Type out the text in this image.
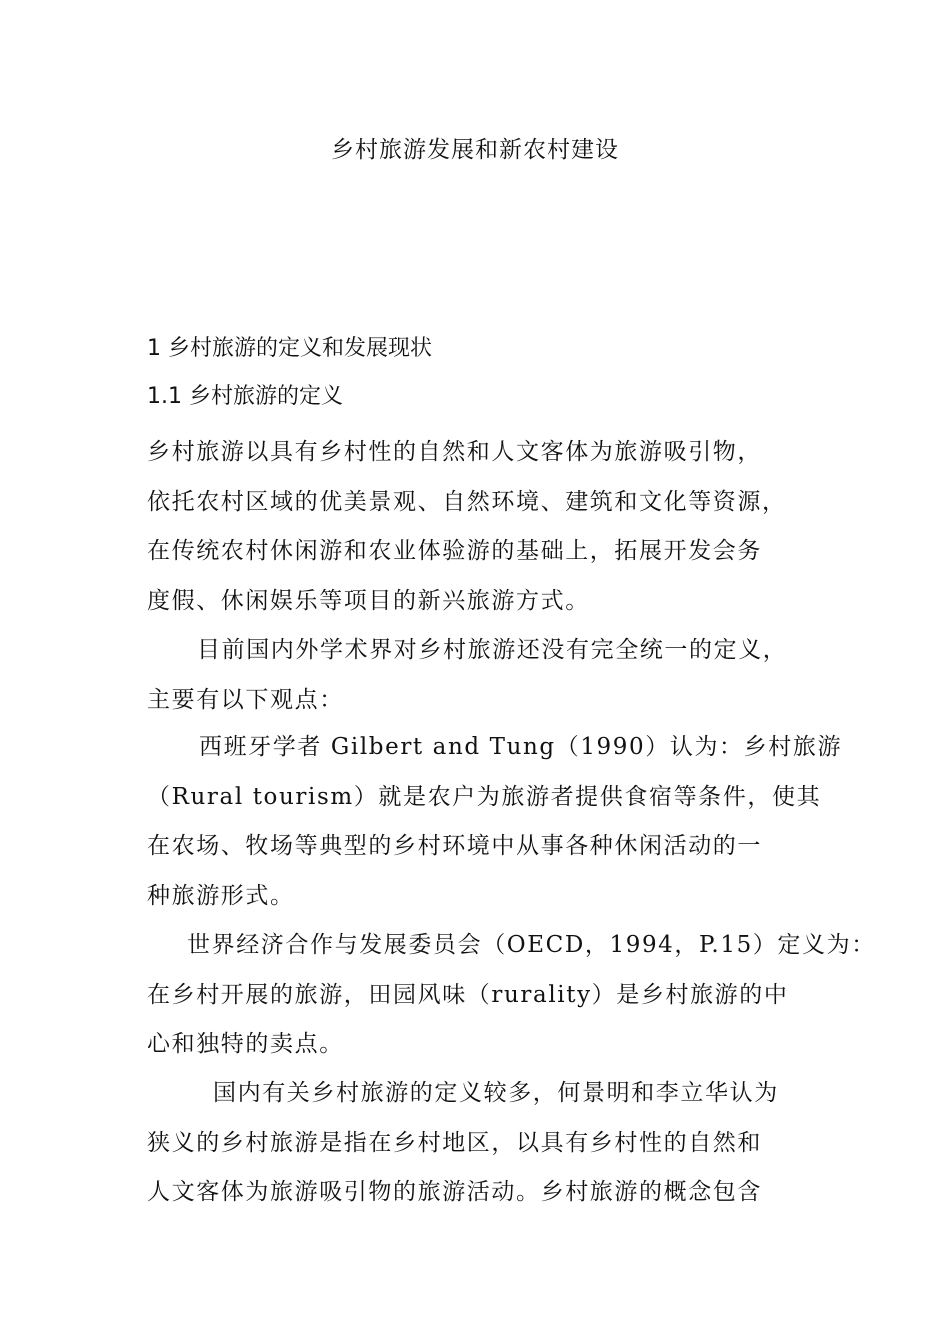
乡村旅游发展和新农村建设
1 乡村旅游的定义和发展现状
1.1 乡村旅游的定义
乡村旅游以具有乡村性的自然和人文客体为旅游吸引物，
依托农村区域的优美景观、自然环境、建筑和文化等资源，
在传统农村休闲游和农业体验游的基础上，拓展开发会务
度假、休闲娱乐等项目的新兴旅游方式。
目前国内外学术界对乡村旅游还没有完全统一的定义，
主要有以下观点：
西班牙学者 Gilbert and Tung（1990）认为：乡村旅游
（Rural tourism）就是农户为旅游者提供食宿等条件，使其
在农场、牧场等典型的乡村环境中从事各种休闲活动的一
种旅游形式。
世界经济合作与发展委员会（OECD，1994，P.15）定义为：
在乡村开展的旅游，田园风味（rurality）是乡村旅游的中
心和独特的卖点。
国内有关乡村旅游的定义较多，何景明和李立华认为
狭义的乡村旅游是指在乡村地区，以具有乡村性的自然和
人文客体为旅游吸引物的旅游活动。乡村旅游的概念包含
